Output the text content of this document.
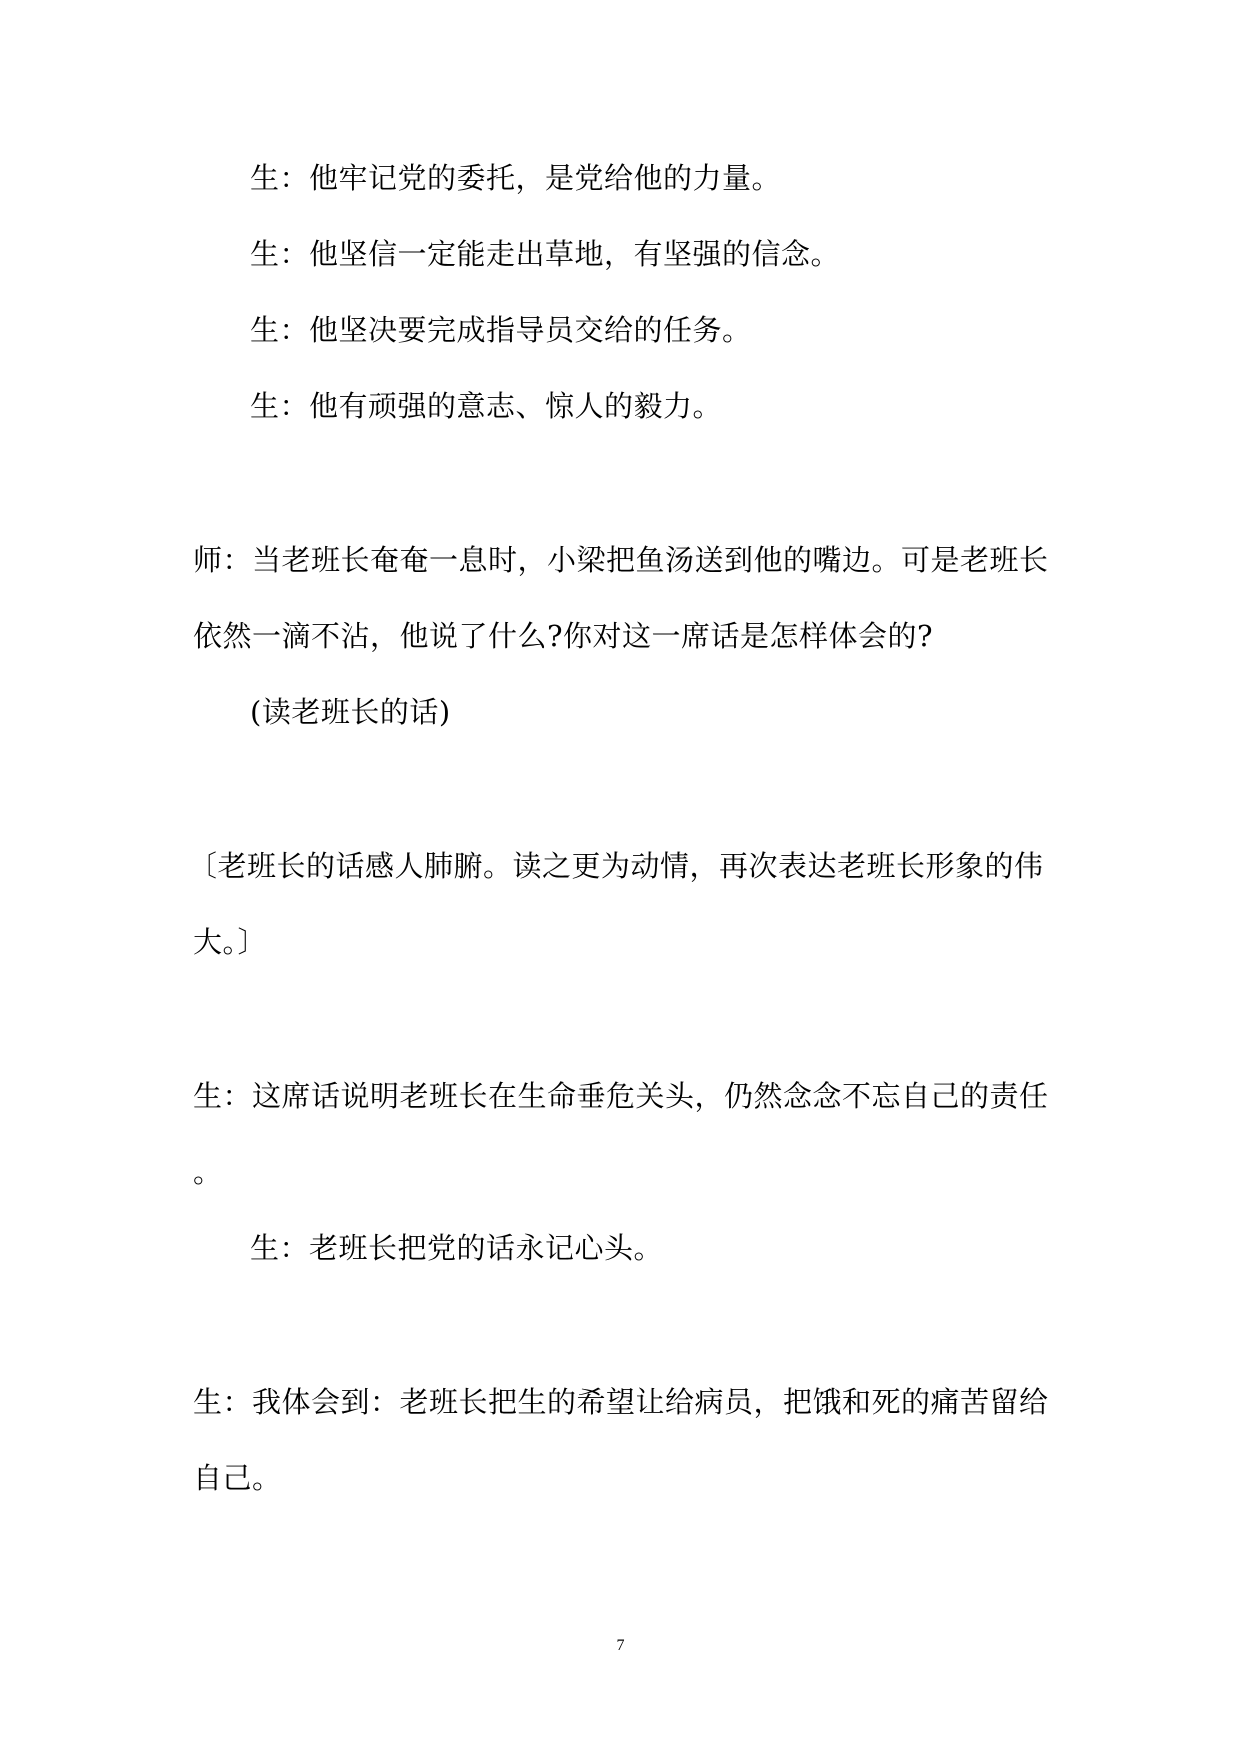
生：他牢记党的委托，是党给他的力量。

生：他坚信一定能走出草地，有坚强的信念。

生：他坚决要完成指导员交给的任务。

生：他有顽强的意志、惊人的毅力。

师：当老班长奄奄一息时，小梁把鱼汤送到他的嘴边。可是老班长

依然一滴不沾，他说了什么?你对这一席话是怎样体会的?

(读老班长的话)

〔老班长的话感人肺腑。读之更为动情，再次表达老班长形象的伟

大。〕

生：这席话说明老班长在生命垂危关头，仍然念念不忘自己的责任

。

生：老班长把党的话永记心头。

生：我体会到：老班长把生的希望让给病员，把饿和死的痛苦留给

自己。

7
